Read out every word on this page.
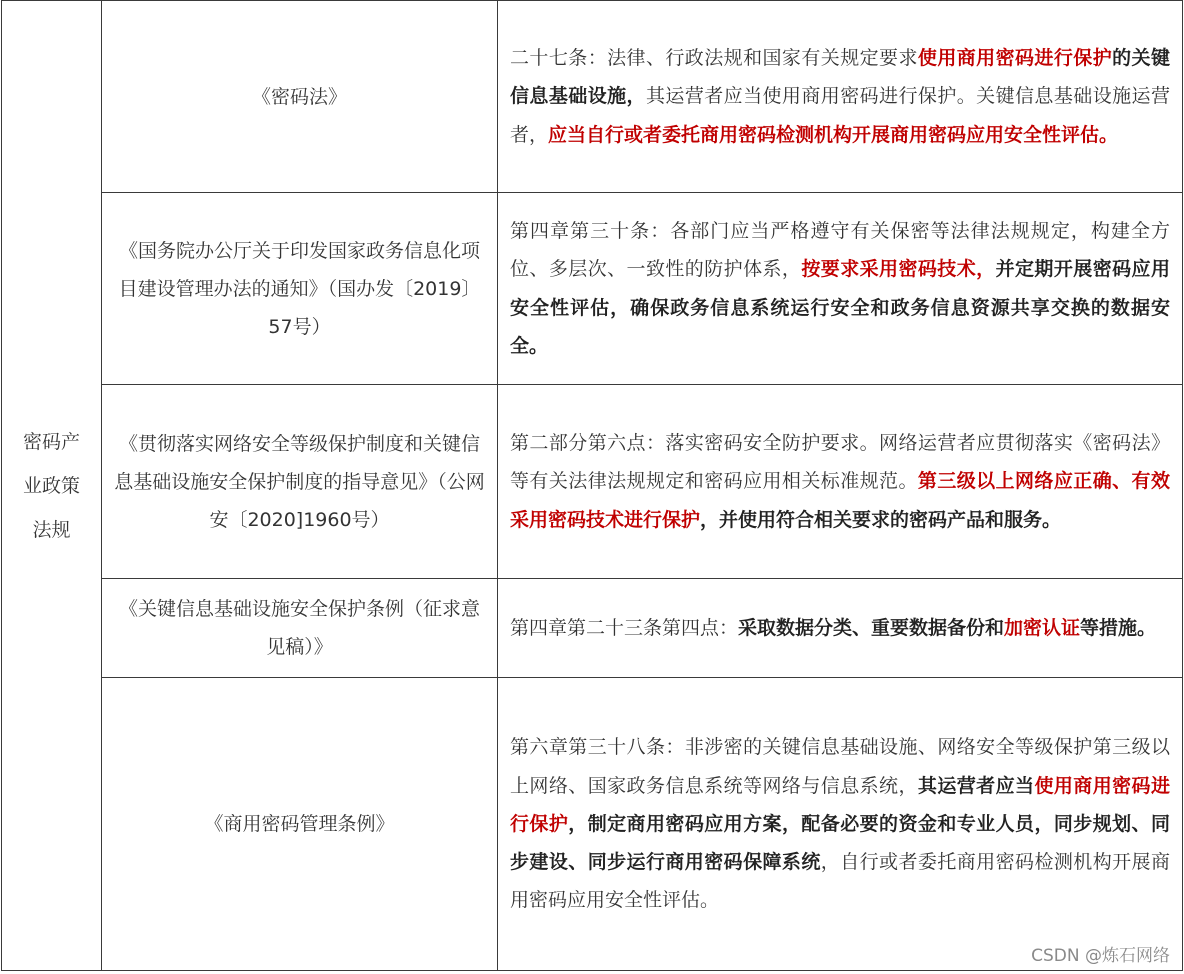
密码产业政策法规	《密码法》	二十七条：法律、行政法规和国家有关规定要求使用商用密码进行保护的关键信息基础设施，其运营者应当使用商用密码进行保护。关键信息基础设施运营者，应当自行或者委托商用密码检测机构开展商用密码应用安全性评估。
	《国务院办公厅关于印发国家政务信息化项目建设管理办法的通知》（国办发〔2019〕57号）	第四章第三十条：各部门应当严格遵守有关保密等法律法规规定，构建全方位、多层次、一致性的防护体系，按要求采用密码技术，并定期开展密码应用安全性评估，确保政务信息系统运行安全和政务信息资源共享交换的数据安全。
	《贯彻落实网络安全等级保护制度和关键信息基础设施安全保护制度的指导意见》（公网安〔2020]1960号）	第二部分第六点：落实密码安全防护要求。网络运营者应贯彻落实《密码法》等有关法律法规规定和密码应用相关标准规范。第三级以上网络应正确、有效采用密码技术进行保护，并使用符合相关要求的密码产品和服务。
	《关键信息基础设施安全保护条例（征求意见稿）》	第四章第二十三条第四点：采取数据分类、重要数据备份和加密认证等措施。
	《商用密码管理条例》	第六章第三十八条：非涉密的关键信息基础设施、网络安全等级保护第三级以上网络、国家政务信息系统等网络与信息系统，其运营者应当使用商用密码进行保护，制定商用密码应用方案，配备必要的资金和专业人员，同步规划、同步建设、同步运行商用密码保障系统，自行或者委托商用密码检测机构开展商用密码应用安全性评估。
CSDN @炼石网络
